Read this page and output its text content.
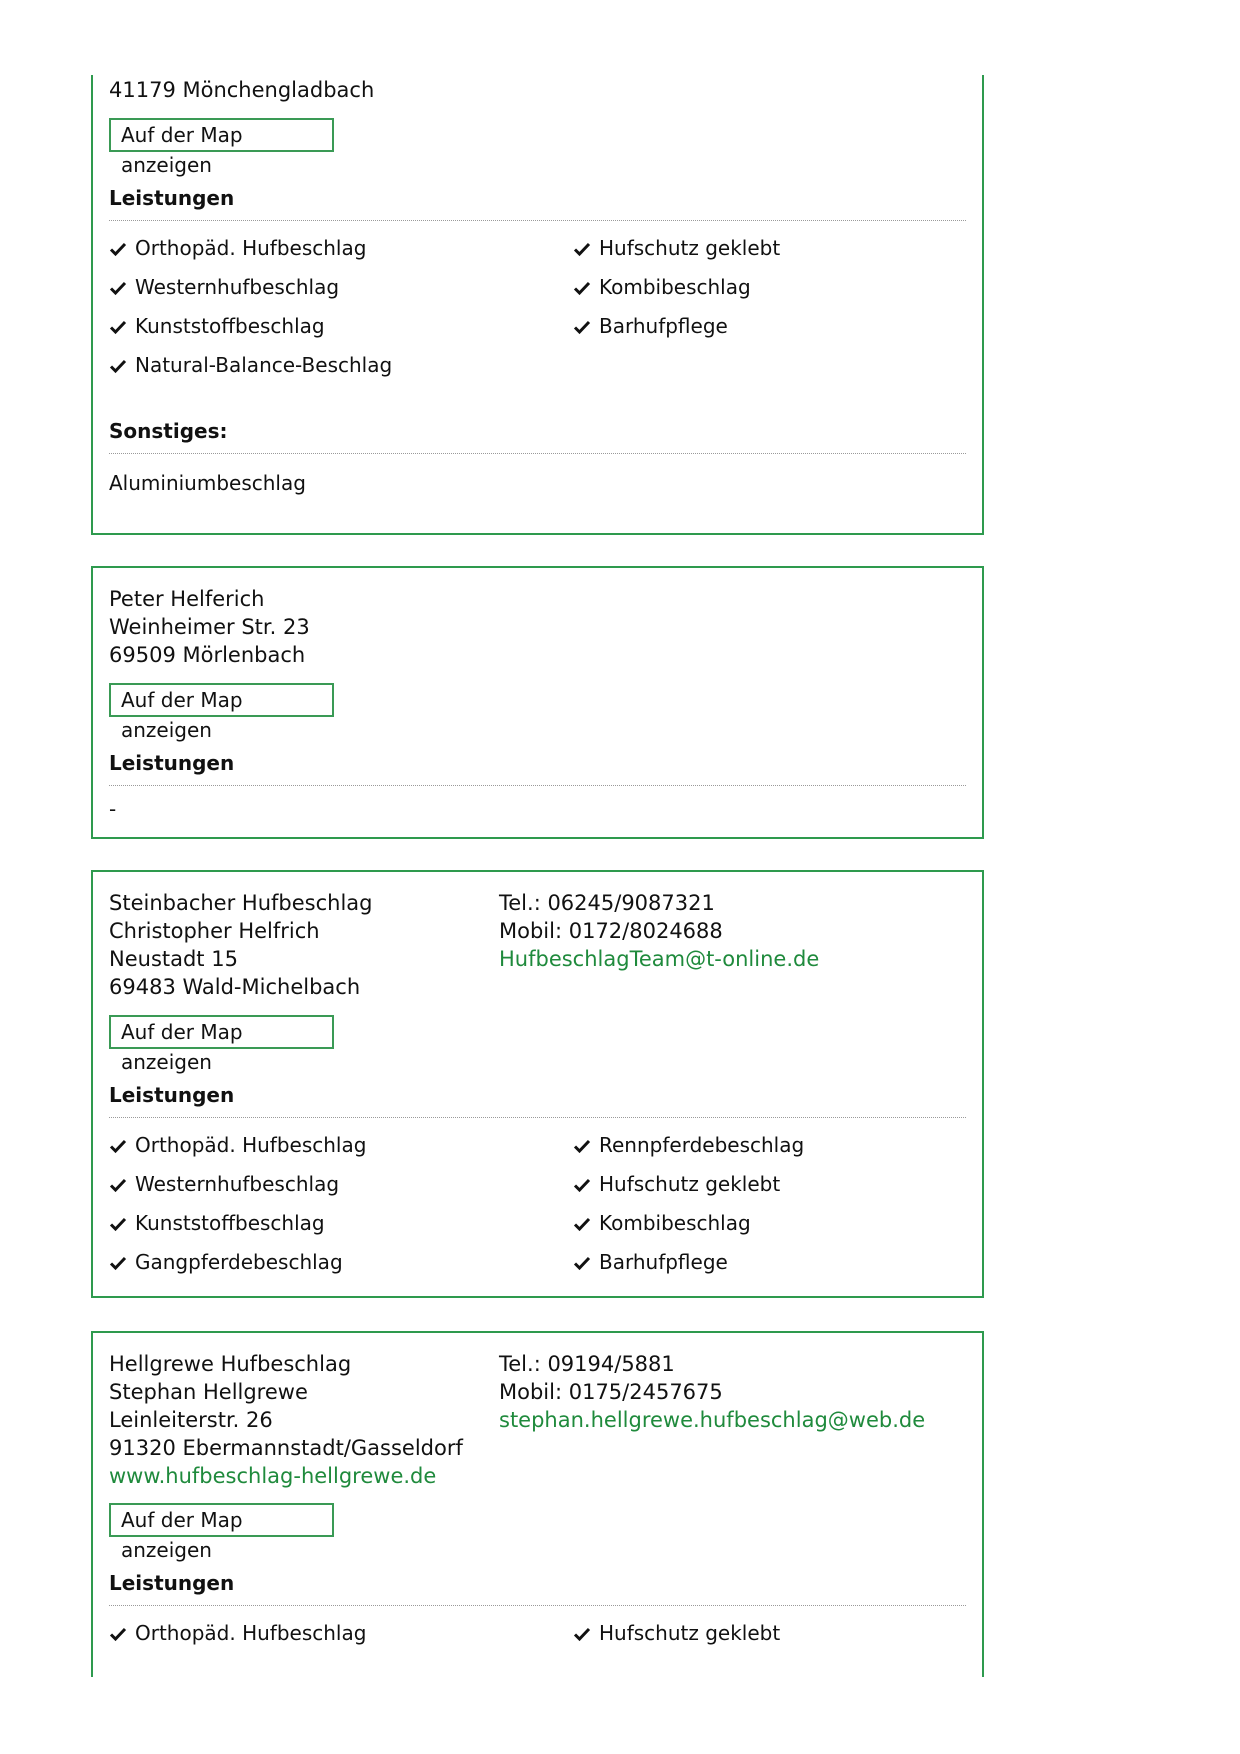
41179 Mönchengladbach
Auf der Map anzeigen
Leistungen
Orthopäd. Hufbeschlag
Westernhufbeschlag
Kunststoffbeschlag
Natural-Balance-Beschlag
Hufschutz geklebt
Kombibeschlag
Barhufpflege
Sonstiges:
Aluminiumbeschlag
Peter Helferich
Weinheimer Str. 23
69509 Mörlenbach
Auf der Map anzeigen
Leistungen
-
Steinbacher Hufbeschlag
Christopher Helfrich
Neustadt 15
69483 Wald-Michelbach
Tel.: 06245/9087321
Mobil: 0172/8024688
HufbeschlagTeam@t-online.de
Auf der Map anzeigen
Leistungen
Orthopäd. Hufbeschlag
Westernhufbeschlag
Kunststoffbeschlag
Gangpferdebeschlag
Rennpferdebeschlag
Hufschutz geklebt
Kombibeschlag
Barhufpflege
Hellgrewe Hufbeschlag
Stephan Hellgrewe
Leinleiterstr. 26
91320 Ebermannstadt/Gasseldorf
www.hufbeschlag-hellgrewe.de
Tel.: 09194/5881
Mobil: 0175/2457675
stephan.hellgrewe.hufbeschlag@web.de
Auf der Map anzeigen
Leistungen
Orthopäd. Hufbeschlag	Hufschutz geklebt
